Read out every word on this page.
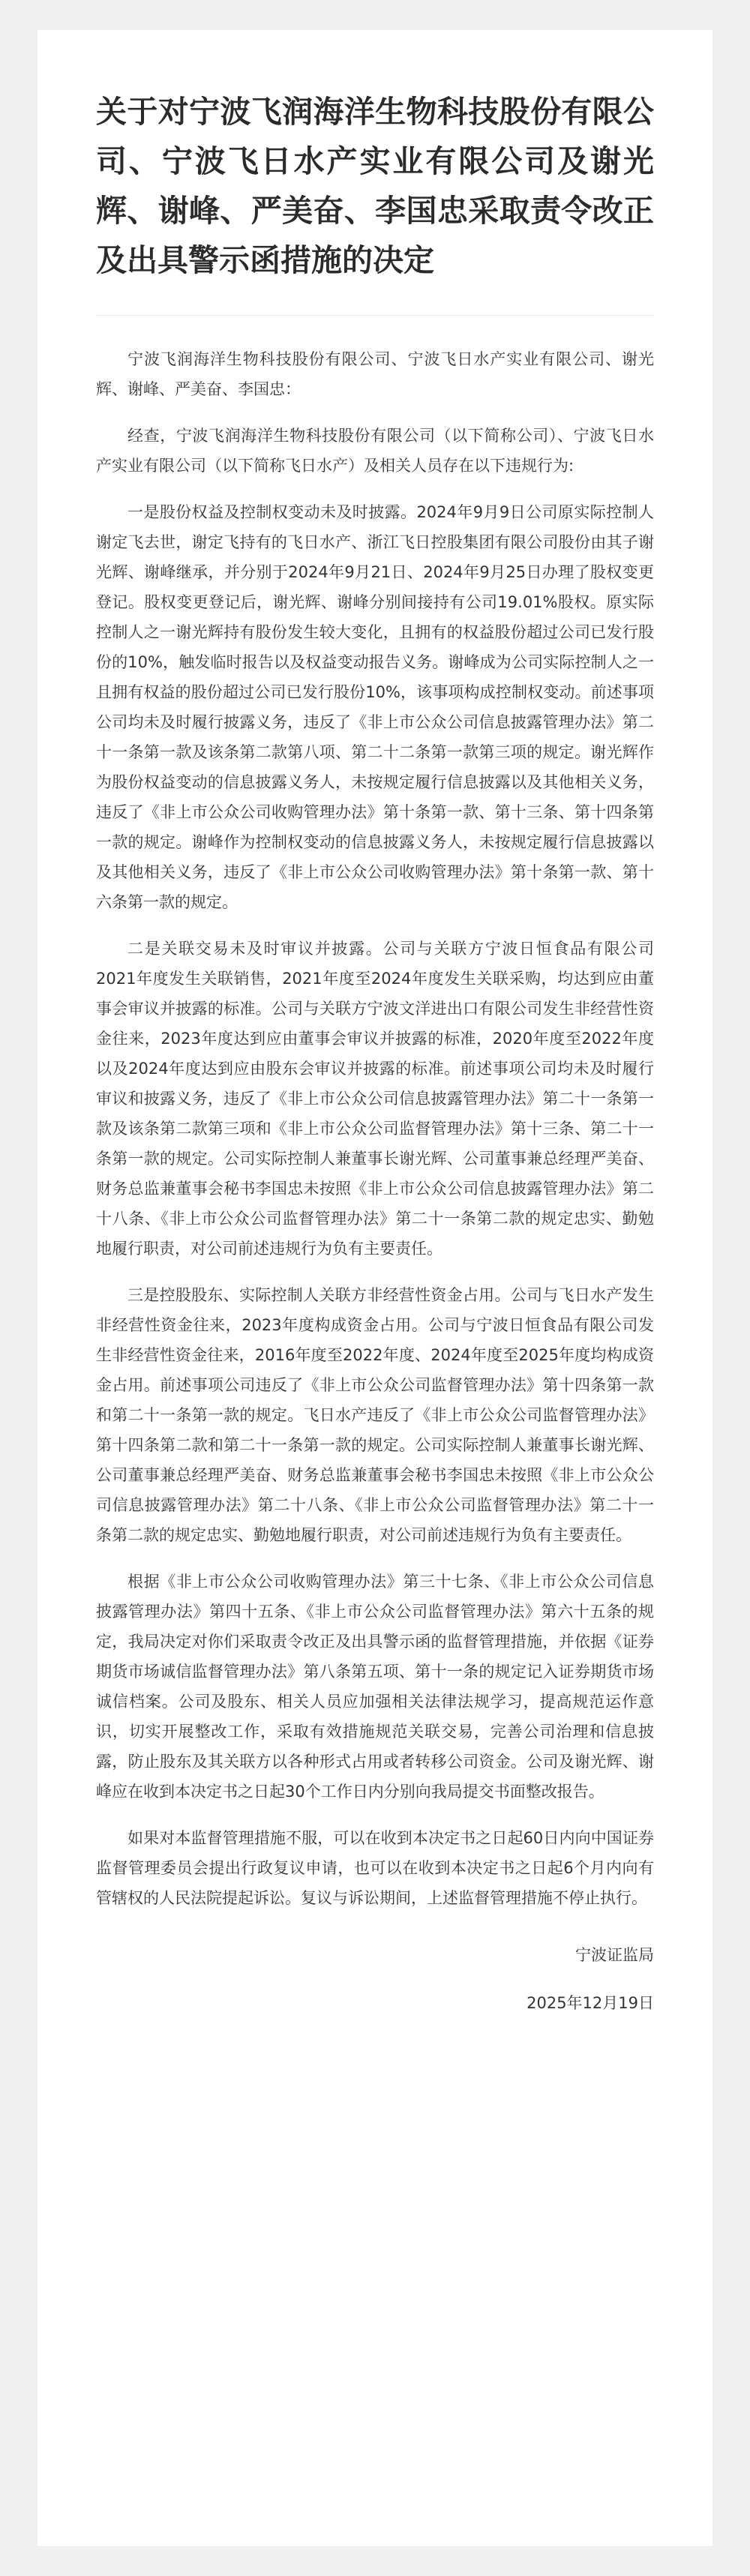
关于对宁波飞润海洋生物科技股份有限公司、宁波飞日水产实业有限公司及谢光辉、谢峰、严美奋、李国忠采取责令改正及出具警示函措施的决定

宁波飞润海洋生物科技股份有限公司、宁波飞日水产实业有限公司、谢光辉、谢峰、严美奋、李国忠：

经查，宁波飞润海洋生物科技股份有限公司（以下简称公司）、宁波飞日水产实业有限公司（以下简称飞日水产）及相关人员存在以下违规行为:

一是股份权益及控制权变动未及时披露。2024年9月9日公司原实际控制人谢定飞去世，谢定飞持有的飞日水产、浙江飞日控股集团有限公司股份由其子谢光辉、谢峰继承，并分别于2024年9月21日、2024年9月25日办理了股权变更登记。股权变更登记后，谢光辉、谢峰分别间接持有公司19.01%股权。原实际控制人之一谢光辉持有股份发生较大变化，且拥有的权益股份超过公司已发行股份的10%，触发临时报告以及权益变动报告义务。谢峰成为公司实际控制人之一且拥有权益的股份超过公司已发行股份10%，该事项构成控制权变动。前述事项公司均未及时履行披露义务，违反了《非上市公众公司信息披露管理办法》第二十一条第一款及该条第二款第八项、第二十二条第一款第三项的规定。谢光辉作为股份权益变动的信息披露义务人，未按规定履行信息披露以及其他相关义务，违反了《非上市公众公司收购管理办法》第十条第一款、第十三条、第十四条第一款的规定。谢峰作为控制权变动的信息披露义务人，未按规定履行信息披露以及其他相关义务，违反了《非上市公众公司收购管理办法》第十条第一款、第十六条第一款的规定。

二是关联交易未及时审议并披露。公司与关联方宁波日恒食品有限公司2021年度发生关联销售，2021年度至2024年度发生关联采购，均达到应由董事会审议并披露的标准。公司与关联方宁波文洋进出口有限公司发生非经营性资金往来，2023年度达到应由董事会审议并披露的标准，2020年度至2022年度以及2024年度达到应由股东会审议并披露的标准。前述事项公司均未及时履行审议和披露义务，违反了《非上市公众公司信息披露管理办法》第二十一条第一款及该条第二款第三项和《非上市公众公司监督管理办法》第十三条、第二十一条第一款的规定。公司实际控制人兼董事长谢光辉、公司董事兼总经理严美奋、财务总监兼董事会秘书李国忠未按照《非上市公众公司信息披露管理办法》第二十八条、《非上市公众公司监督管理办法》第二十一条第二款的规定忠实、勤勉地履行职责，对公司前述违规行为负有主要责任。

三是控股股东、实际控制人关联方非经营性资金占用。公司与飞日水产发生非经营性资金往来，2023年度构成资金占用。公司与宁波日恒食品有限公司发生非经营性资金往来，2016年度至2022年度、2024年度至2025年度均构成资金占用。前述事项公司违反了《非上市公众公司监督管理办法》第十四条第一款和第二十一条第一款的规定。飞日水产违反了《非上市公众公司监督管理办法》第十四条第二款和第二十一条第一款的规定。公司实际控制人兼董事长谢光辉、公司董事兼总经理严美奋、财务总监兼董事会秘书李国忠未按照《非上市公众公司信息披露管理办法》第二十八条、《非上市公众公司监督管理办法》第二十一条第二款的规定忠实、勤勉地履行职责，对公司前述违规行为负有主要责任。

根据《非上市公众公司收购管理办法》第三十七条、《非上市公众公司信息披露管理办法》第四十五条、《非上市公众公司监督管理办法》第六十五条的规定，我局决定对你们采取责令改正及出具警示函的监督管理措施，并依据《证券期货市场诚信监督管理办法》第八条第五项、第十一条的规定记入证券期货市场诚信档案。公司及股东、相关人员应加强相关法律法规学习，提高规范运作意识，切实开展整改工作，采取有效措施规范关联交易，完善公司治理和信息披露，防止股东及其关联方以各种形式占用或者转移公司资金。公司及谢光辉、谢峰应在收到本决定书之日起30个工作日内分别向我局提交书面整改报告。

如果对本监督管理措施不服，可以在收到本决定书之日起60日内向中国证券监督管理委员会提出行政复议申请，也可以在收到本决定书之日起6个月内向有管辖权的人民法院提起诉讼。复议与诉讼期间，上述监督管理措施不停止执行。

宁波证监局
2025年12月19日
